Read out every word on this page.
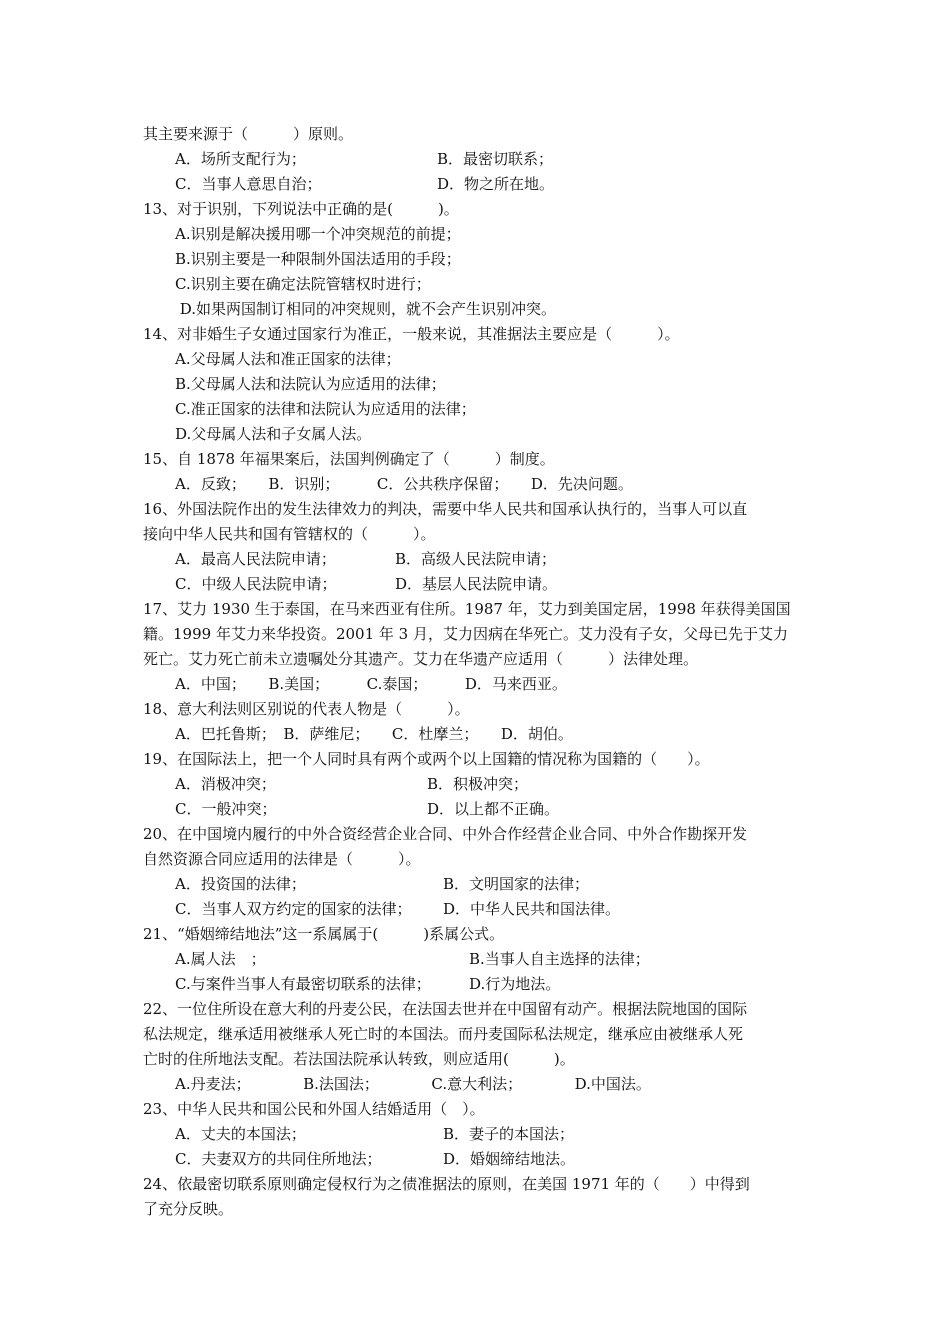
其主要来源于（　　　）原则。
A．场所支配行为；	B．最密切联系；
C．当事人意思自治；	D．物之所在地。
13、对于识别，下列说法中正确的是(　　　)。
A.识别是解决援用哪一个冲突规范的前提；
B.识别主要是一种限制外国法适用的手段；
C.识别主要在确定法院管辖权时进行；
D.如果两国制订相同的冲突规则，就不会产生识别冲突。
14、对非婚生子女通过国家行为准正，一般来说，其准据法主要应是（　　　）。
A.父母属人法和准正国家的法律；
B.父母属人法和法院认为应适用的法律；
C.准正国家的法律和法院认为应适用的法律；
D.父母属人法和子女属人法。
15、自 1878 年福果案后，法国判例确定了（　　　）制度。
A．反致；　　B．识别；　　　C．公共秩序保留；　　D．先决问题。
16、外国法院作出的发生法律效力的判决，需要中华人民共和国承认执行的，当事人可以直
接向中华人民共和国有管辖权的（　　　）。
A．最高人民法院申请；	B．高级人民法院申请；
C．中级人民法院申请；	D．基层人民法院申请。
17、艾力 1930 生于泰国，在马来西亚有住所。1987 年，艾力到美国定居，1998 年获得美国国
籍。1999 年艾力来华投资。2001 年 3 月，艾力因病在华死亡。艾力没有子女，父母已先于艾力
死亡。艾力死亡前未立遗嘱处分其遗产。艾力在华遗产应适用（　　　）法律处理。
A．中国；　　B.美国；　　　C.泰国；　　　D．马来西亚。
18、意大利法则区别说的代表人物是（　　　）。
A．巴托鲁斯；　B．萨维尼；　　C．杜摩兰；　　D．胡伯。
19、在国际法上，把一个人同时具有两个或两个以上国籍的情况称为国籍的（　　）。
A．消极冲突；	B．积极冲突；
C．一般冲突；	D．以上都不正确。
20、在中国境内履行的中外合资经营企业合同、中外合作经营企业合同、中外合作勘探开发
自然资源合同应适用的法律是（　　　）。
A．投资国的法律；	B．文明国家的法律；
C．当事人双方约定的国家的法律；	D．中华人民共和国法律。
21、“婚姻缔结地法”这一系属属于(　　　)系属公式。
A.属人法　；	B.当事人自主选择的法律；
C.与案件当事人有最密切联系的法律；	D.行为地法。
22、一位住所设在意大利的丹麦公民，在法国去世并在中国留有动产。根据法院地国的国际
私法规定，继承适用被继承人死亡时的本国法。而丹麦国际私法规定，继承应由被继承人死
亡时的住所地法支配。若法国法院承认转致，则应适用(　　　)。
A.丹麦法；　　　　B.法国法；　　　　C.意大利法；　　　　D.中国法。
23、中华人民共和国公民和外国人结婚适用（　）。
A．丈夫的本国法；	B．妻子的本国法；
C．夫妻双方的共同住所地法；	D．婚姻缔结地法。
24、依最密切联系原则确定侵权行为之债准据法的原则，在美国 1971 年的（　　）中得到
了充分反映。
